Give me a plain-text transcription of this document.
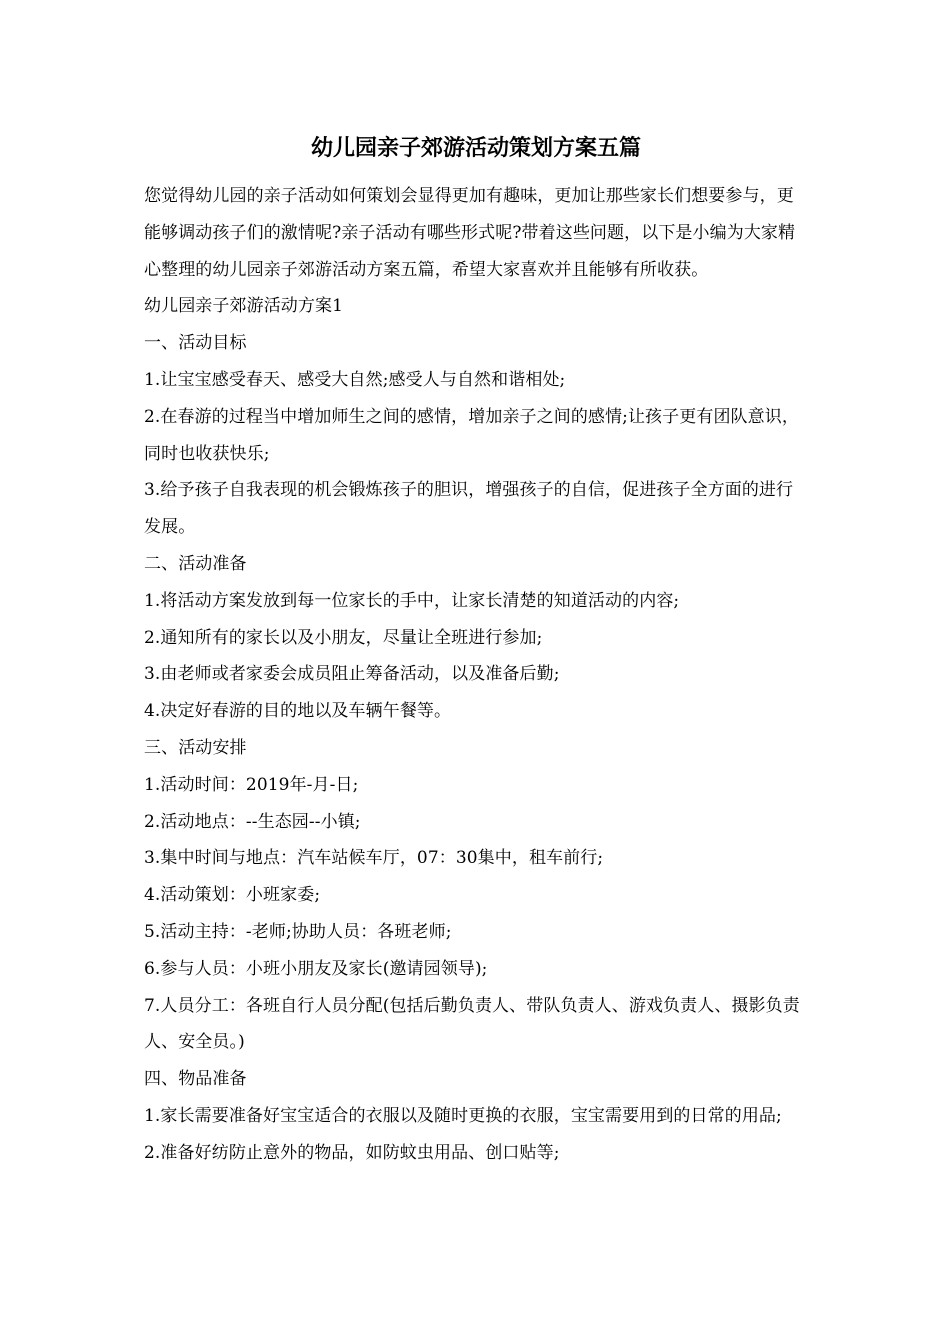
幼儿园亲子郊游活动策划方案五篇

您觉得幼儿园的亲子活动如何策划会显得更加有趣味，更加让那些家长们想要参与，更能够调动孩子们的激情呢?亲子活动有哪些形式呢?带着这些问题，以下是小编为大家精心整理的幼儿园亲子郊游活动方案五篇，希望大家喜欢并且能够有所收获。

幼儿园亲子郊游活动方案1

一、活动目标

1.让宝宝感受春天、感受大自然;感受人与自然和谐相处;

2.在春游的过程当中增加师生之间的感情，增加亲子之间的感情;让孩子更有团队意识，同时也收获快乐;

3.给予孩子自我表现的机会锻炼孩子的胆识，增强孩子的自信，促进孩子全方面的进行发展。

二、活动准备

1.将活动方案发放到每一位家长的手中，让家长清楚的知道活动的内容;

2.通知所有的家长以及小朋友，尽量让全班进行参加;

3.由老师或者家委会成员阻止筹备活动，以及准备后勤;

4.决定好春游的目的地以及车辆午餐等。

三、活动安排

1.活动时间：2019年-月-日;

2.活动地点：--生态园--小镇;

3.集中时间与地点：汽车站候车厅，07：30集中，租车前行;

4.活动策划：小班家委;

5.活动主持：-老师;协助人员：各班老师;

6.参与人员：小班小朋友及家长(邀请园领导);

7.人员分工：各班自行人员分配(包括后勤负责人、带队负责人、游戏负责人、摄影负责人、安全员。)

四、物品准备

1.家长需要准备好宝宝适合的衣服以及随时更换的衣服，宝宝需要用到的日常的用品;

2.准备好纺防止意外的物品，如防蚊虫用品、创口贴等;
